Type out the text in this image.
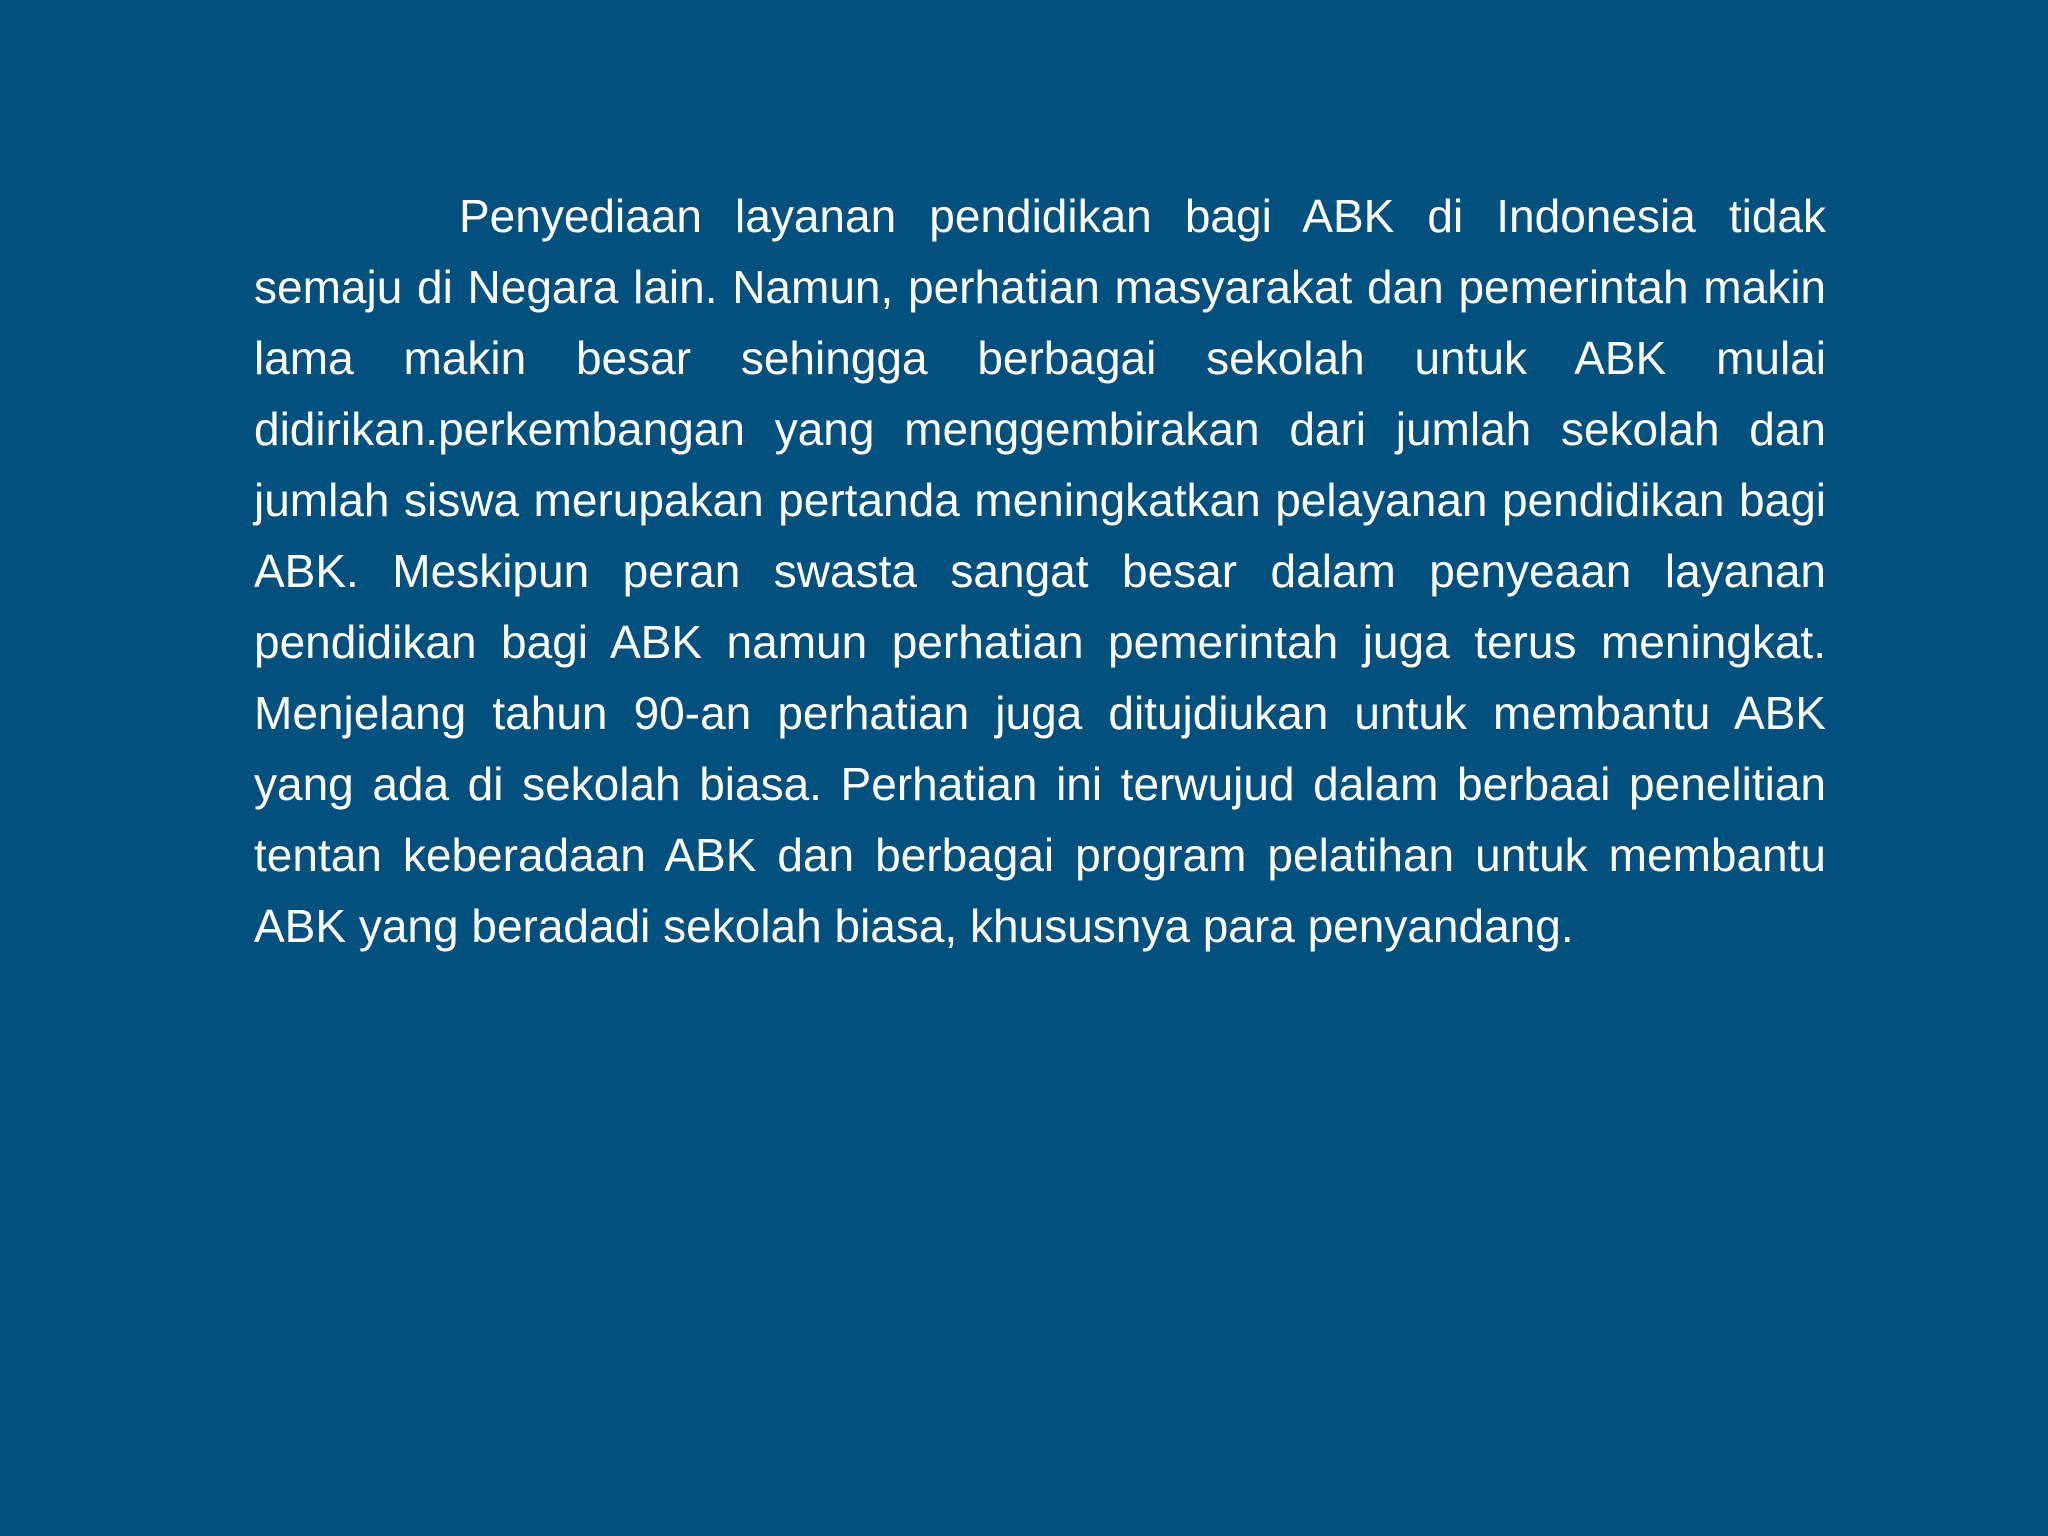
Penyediaan layanan pendidikan bagi ABK di Indonesia tidak semaju di Negara lain. Namun, perhatian masyarakat dan pemerintah makin lama makin besar sehingga berbagai sekolah untuk ABK mulai didirikan.perkembangan yang menggembirakan dari jumlah sekolah dan jumlah siswa merupakan pertanda meningkatkan pelayanan pendidikan bagi ABK. Meskipun peran swasta sangat besar dalam penyeaan layanan pendidikan bagi ABK namun perhatian pemerintah juga terus meningkat. Menjelang tahun 90-an perhatian juga ditujdiukan untuk membantu ABK yang ada di sekolah biasa. Perhatian ini terwujud dalam berbaai penelitian tentan keberadaan ABK dan berbagai program pelatihan untuk membantu ABK yang beradadi sekolah biasa, khususnya para penyandang.
